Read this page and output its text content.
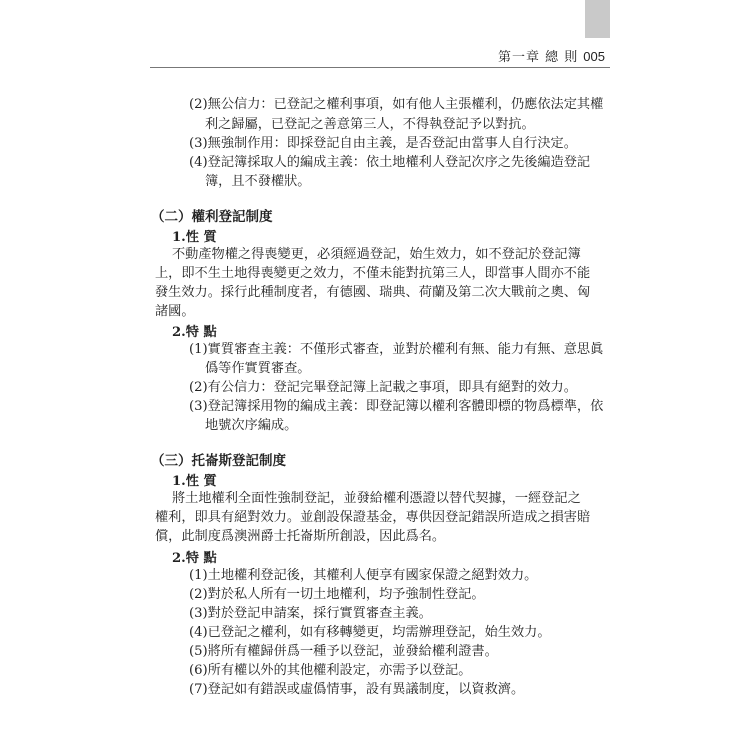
第一章 總 則 005
(2)無公信力：已登記之權利事項，如有他人主張權利，仍應依法定其權
利之歸屬，已登記之善意第三人，不得執登記予以對抗。
(3)無強制作用：即採登記自由主義，是否登記由當事人自行決定。
(4)登記簿採取人的編成主義：依土地權利人登記次序之先後編造登記
簿，且不發權狀。
（二）權利登記制度
1.性 質
不動產物權之得喪變更，必須經過登記，始生效力，如不登記於登記簿
上，即不生土地得喪變更之效力，不僅未能對抗第三人，即當事人間亦不能
發生效力。採行此種制度者，有德國、瑞典、荷蘭及第二次大戰前之奧、匈
諸國。
2.特 點
(1)實質審查主義：不僅形式審查，並對於權利有無、能力有無、意思眞
僞等作實質審查。
(2)有公信力：登記完畢登記簿上記載之事項，即具有絕對的效力。
(3)登記簿採用物的編成主義：即登記簿以權利客體即標的物爲標準，依
地號次序編成。
（三）托崙斯登記制度
1.性 質
將土地權利全面性強制登記，並發給權利憑證以替代契據，一經登記之
權利，即具有絕對效力。並創設保證基金，專供因登記錯誤所造成之損害賠
償，此制度爲澳洲爵士托崙斯所創設，因此爲名。
2.特 點
(1)土地權利登記後，其權利人便享有國家保證之絕對效力。
(2)對於私人所有一切土地權利，均予強制性登記。
(3)對於登記申請案，採行實質審查主義。
(4)已登記之權利，如有移轉變更，均需辦理登記，始生效力。
(5)將所有權歸併爲一種予以登記，並發給權利證書。
(6)所有權以外的其他權利設定，亦需予以登記。
(7)登記如有錯誤或虛僞情事，設有異議制度，以資救濟。
